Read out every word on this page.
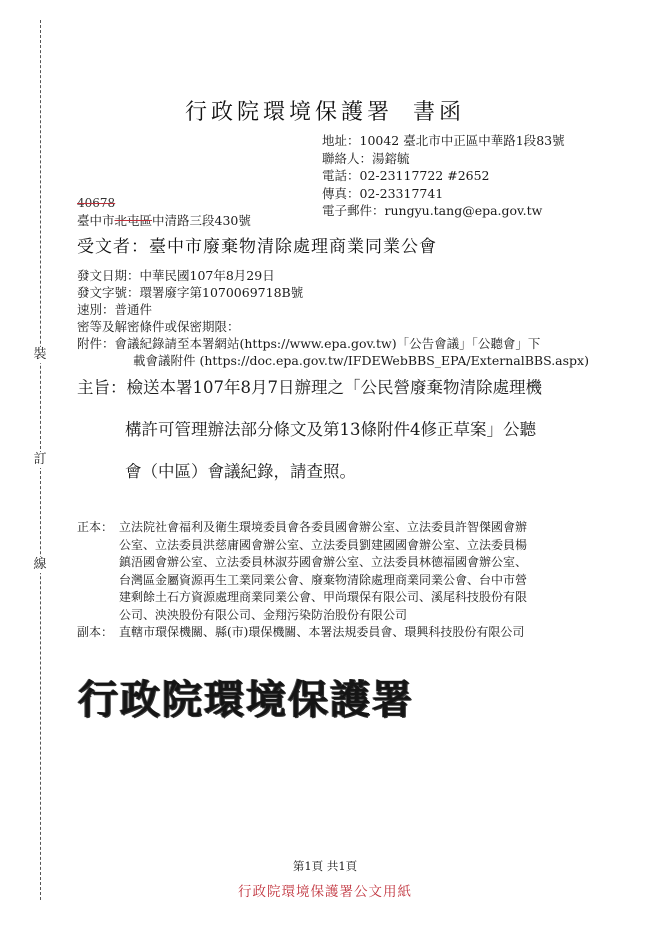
裝
訂
線
行政院環境保護署 書函
地址：10042 臺北市中正區中華路1段83號
聯絡人：湯鎔毓
電話：02-23117722 #2652
傳真：02-23317741
電子郵件：rungyu.tang@epa.gov.tw
40678
臺中市北屯區中清路三段430號
受文者：臺中市廢棄物清除處理商業同業公會
發文日期：中華民國107年8月29日
發文字號：環署廢字第1070069718B號
速別：普通件
密等及解密條件或保密期限：
附件：會議紀錄請至本署網站(https://www.epa.gov.tw)「公告會議」「公聽會」下
載會議附件 (https://doc.epa.gov.tw/IFDEWebBBS_EPA/ExternalBBS.aspx)
主旨：檢送本署107年8月7日辦理之「公民營廢棄物清除處理機
構許可管理辦法部分條文及第13條附件4修正草案」公聽
會（中區）會議紀錄，請查照。
正本： 立法院社會福利及衛生環境委員會各委員國會辦公室、立法委員許智傑國會辦
公室、立法委員洪慈庸國會辦公室、立法委員劉建國國會辦公室、立法委員楊
鎮浯國會辦公室、立法委員林淑芬國會辦公室、立法委員林德福國會辦公室、
台灣區金屬資源再生工業同業公會、廢棄物清除處理商業同業公會、台中市營
建剩餘土石方資源處理商業同業公會、甲尚環保有限公司、溪尾科技股份有限
公司、泱泱股份有限公司、金翔污染防治股份有限公司
副本： 直轄市環保機關、縣(市)環保機關、本署法規委員會、環興科技股份有限公司
行政院環境保護署
第1頁 共1頁
行政院環境保護署公文用紙
